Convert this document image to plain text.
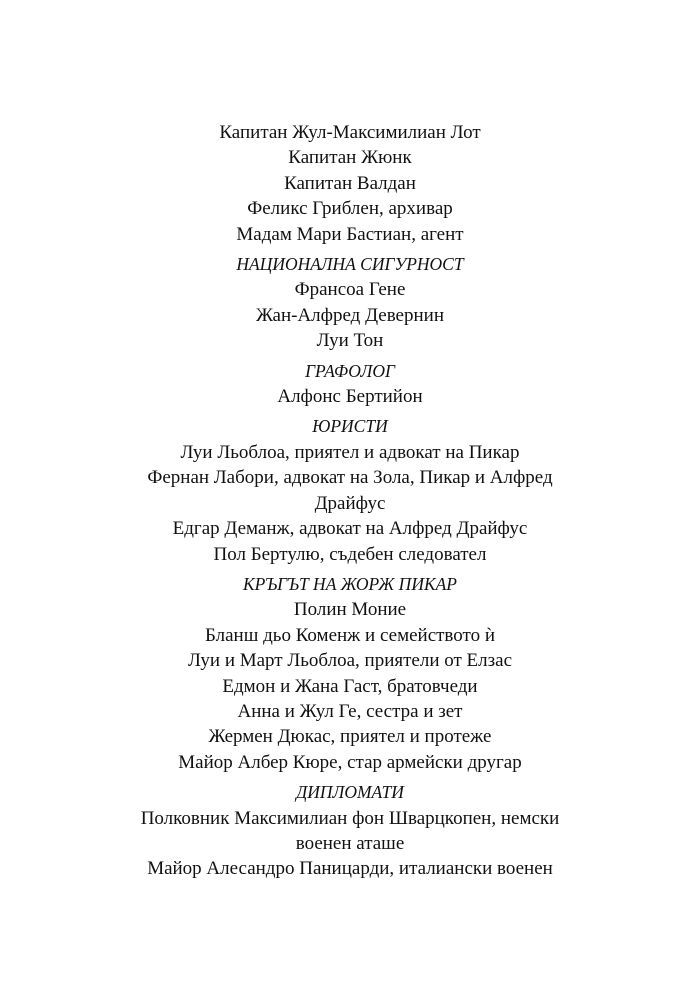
Капитан Жул-Максимилиан Лот
Капитан Жюнк
Капитан Валдан
Феликс Гриблен, архивар
Мадам Мари Бастиан, агент
НАЦИОНАЛНА СИГУРНОСТ
Франсоа Гене
Жан-Алфред Девернин
Луи Тон
ГРАФОЛОГ
Алфонс Бертийон
ЮРИСТИ
Луи Льоблоа, приятел и адвокат на Пикар
Фернан Лабори, адвокат на Зола, Пикар и Алфред Драйфус
Едгар Деманж, адвокат на Алфред Драйфус
Пол Бертулю, съдебен следовател
КРЪГЪТ НА ЖОРЖ ПИКАР
Полин Моние
Бланш дьо Коменж и семейството ѝ
Луи и Март Льоблоа, приятели от Елзас
Едмон и Жана Гаст, братовчеди
Анна и Жул Ге, сестра и зет
Жермен Дюкас, приятел и протеже
Майор Албер Кюре, стар армейски другар
ДИПЛОМАТИ
Полковник Максимилиан фон Шварцкопен, немски военен аташе
Майор Алесандро Паницарди, италиански военен
